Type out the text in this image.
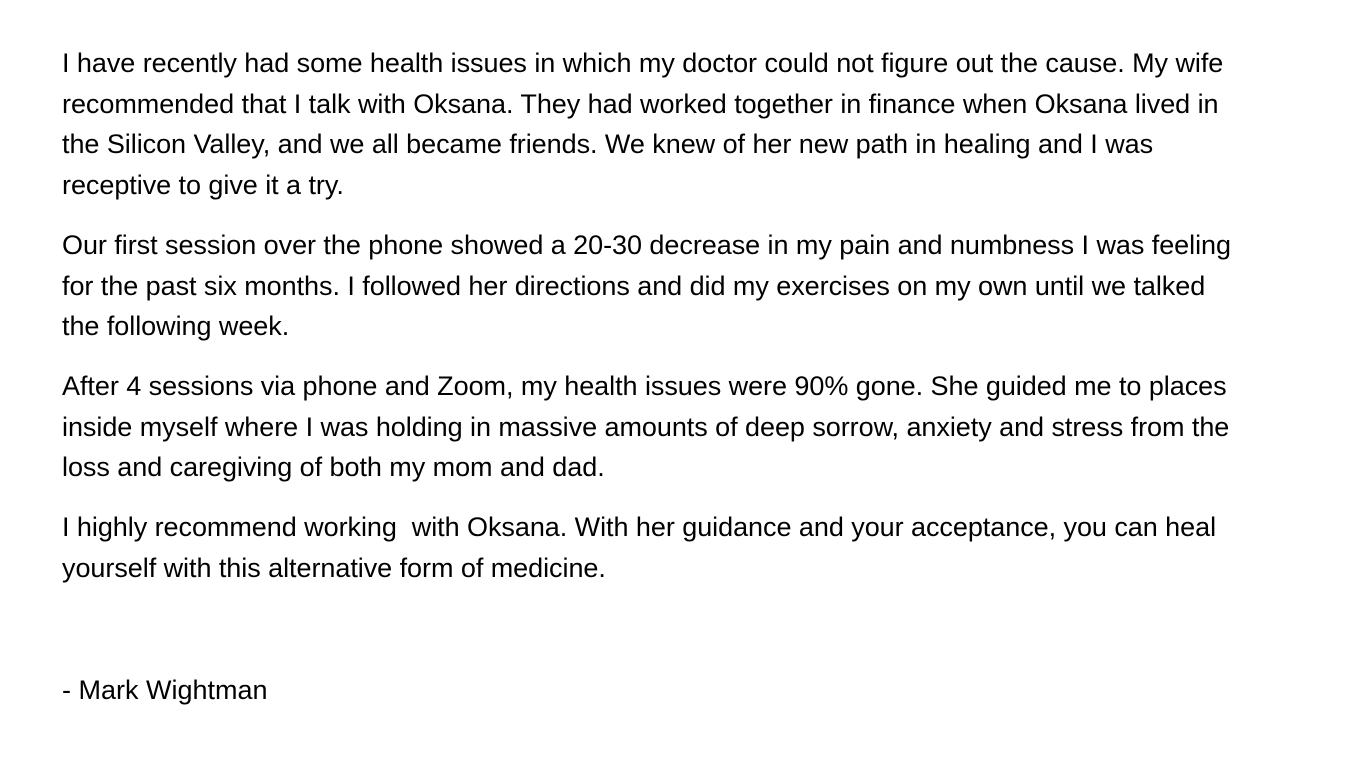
I have recently had some health issues in which my doctor could not figure out the cause. My wife recommended that I talk with Oksana. They had worked together in finance when Oksana lived in the Silicon Valley, and we all became friends. We knew of her new path in healing and I was receptive to give it a try.

Our first session over the phone showed a 20-30 decrease in my pain and numbness I was feeling for the past six months. I followed her directions and did my exercises on my own until we talked the following week.

After 4 sessions via phone and Zoom, my health issues were 90% gone. She guided me to places inside myself where I was holding in massive amounts of deep sorrow, anxiety and stress from the loss and caregiving of both my mom and dad.

I highly recommend working  with Oksana. With her guidance and your acceptance, you can heal yourself with this alternative form of medicine.

- Mark Wightman
